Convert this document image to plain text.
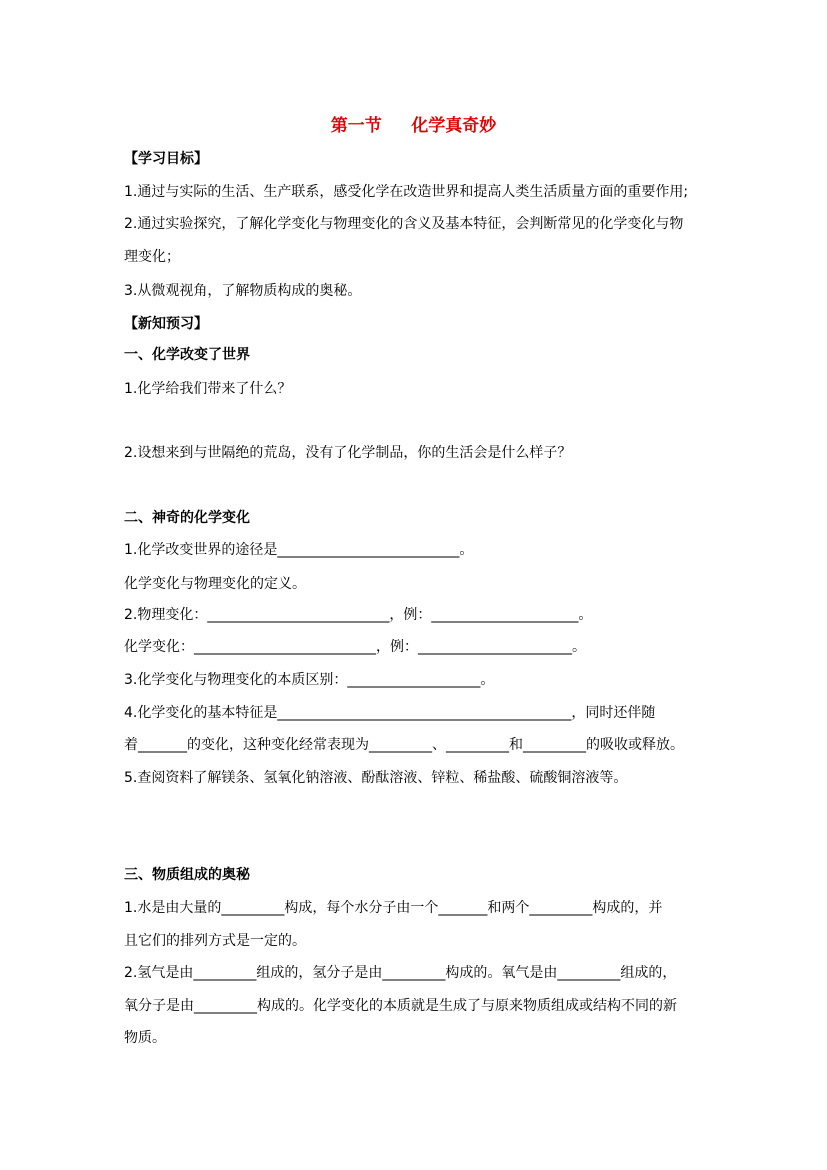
第一节     化学真奇妙
【学习目标】
1.通过与实际的生活、生产联系，感受化学在改造世界和提高人类生活质量方面的重要作用;
2.通过实验探究，了解化学变化与物理变化的含义及基本特征，会判断常见的化学变化与物
理变化；
3.从微观视角，了解物质构成的奥秘。
【新知预习】
一、化学改变了世界
1.化学给我们带来了什么？
2.设想来到与世隔绝的荒岛，没有了化学制品，你的生活会是什么样子？
二、神奇的化学变化
1.化学改变世界的途径是__________________________。
化学变化与物理变化的定义。
2.物理变化：__________________________，例：_____________________。
化学变化：__________________________，例：______________________。
3.化学变化与物理变化的本质区别：___________________。
4.化学变化的基本特征是__________________________________________，同时还伴随
着_______的变化，这种变化经常表现为_________、_________和_________的吸收或释放。
5.查阅资料了解镁条、氢氧化钠溶液、酚酞溶液、锌粒、稀盐酸、硫酸铜溶液等。
三、物质组成的奥秘
1.水是由大量的_________构成，每个水分子由一个_______和两个_________构成的，并
且它们的排列方式是一定的。
2.氢气是由_________组成的，氢分子是由_________构成的。氧气是由_________组成的，
氧分子是由_________构成的。化学变化的本质就是生成了与原来物质组成或结构不同的新
物质。
